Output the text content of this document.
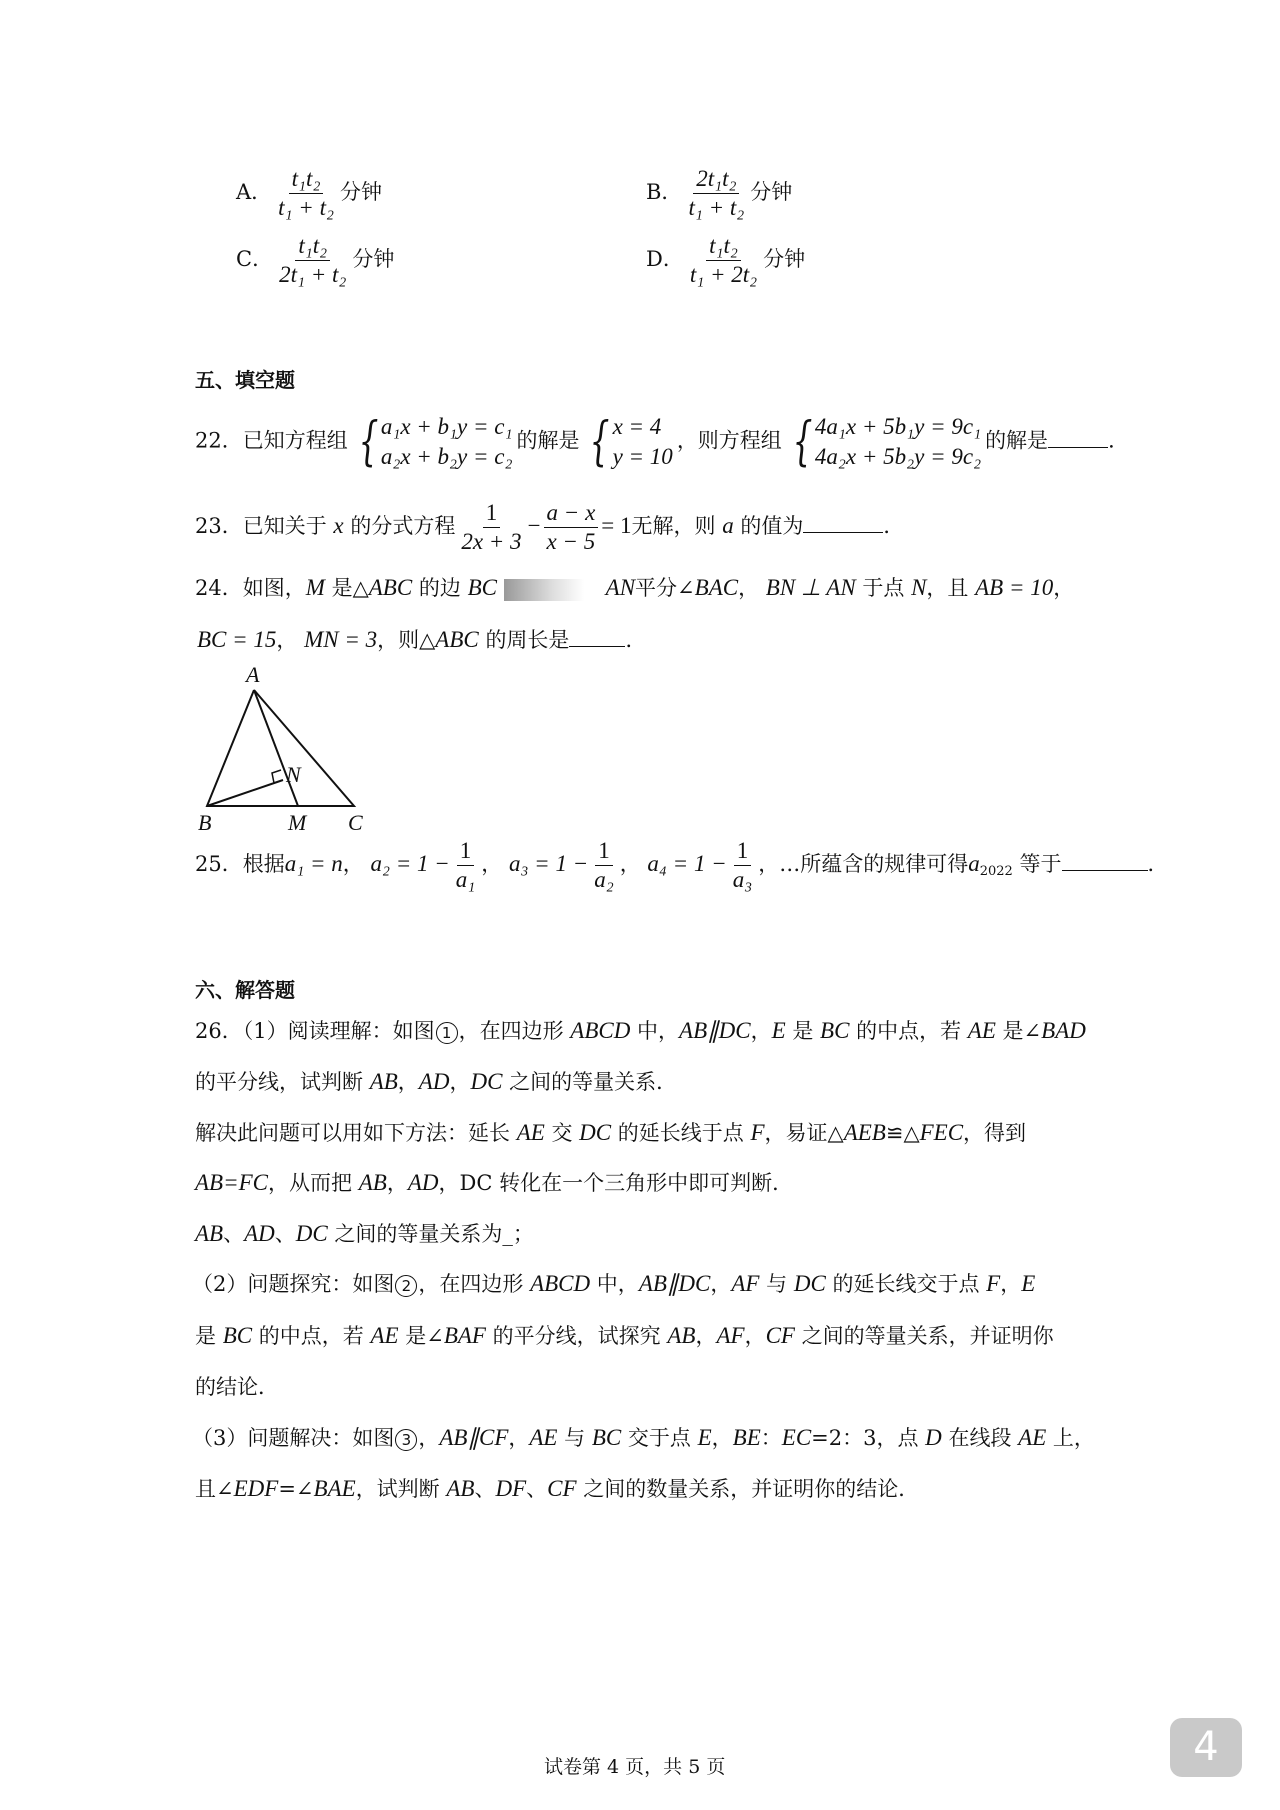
A． $\frac{\text{t₁t₂}}{\text{t₁ + t₂}}$ 分钟	B． $\frac{\text{2t₁t₂}}{\text{t₁ + t₂}}$ 分钟
C． $\frac{\text{t₁t₂}}{\text{2t₁ + t₂}}$ 分钟	D． $\frac{\text{t₁t₂}}{\text{t₁ + 2t₂}}$ 分钟
五、填空题
22．已知方程组 { a₁x + b₁y = c₁
a₂x + b₂y = c₂
的解是 { x = 4
y = 10
，则方程组 { 4a₁x + 5b₁y = 9c₁
4a₂x + 5b₂y = 9c₂
的解是	．
23．已知关于 x 的分式方程 $\frac{1}{2x + 3} - \frac{a - x}{x - 5} = 1$无解，则 a 的值为	．
24．如图，M 是△ABC 的边 BC	AN平分∠BAC， BN ⊥ AN 于点 N，且 AB = 10，
BC = 15， MN = 3，则△ABC 的周长是	．
A
B	M C
N
25．根据a₁ = n， $a_2 = 1 - \frac{1}{\text{a₁}}$ ， $a_3 = 1 - \frac{1}{\text{a₂}}$ ， $a_4 = 1 - \frac{1}{\text{a₃}}$ ，…所蕴含的规律可得$a_{2022}$ 等于	．
六、解答题
26．（1）阅读理解：如图 1 ，在四边形 ABCD 中，AB∥DC，E 是 BC 的中点，若 AE 是∠BAD
的平分线，试判断 AB，AD，DC 之间的等量关系．
解决此问题可以用如下方法：延长 AE 交 DC 的延长线于点 F，易证△AEB≌△FEC，得到
AB=FC，从而把 AB，AD，DC 转化在一个三角形中即可判断．
AB、AD、DC 之间的等量关系为_；
（2）问题探究：如图 2 ，在四边形 ABCD 中，AB∥DC，AF 与 DC 的延长线交于点 F，E
是 BC 的中点，若 AE 是∠BAF 的平分线，试探究 AB，AF，CF 之间的等量关系，并证明你
的结论．
（3）问题解决：如图 3 ，AB∥CF，AE 与 BC 交于点 E，BE：EC=2：3，点 D 在线段 AE 上，
且∠EDF=∠BAE，试判断 AB、DF、CF 之间的数量关系，并证明你的结论．
试卷第 4 页，共 5 页	4
